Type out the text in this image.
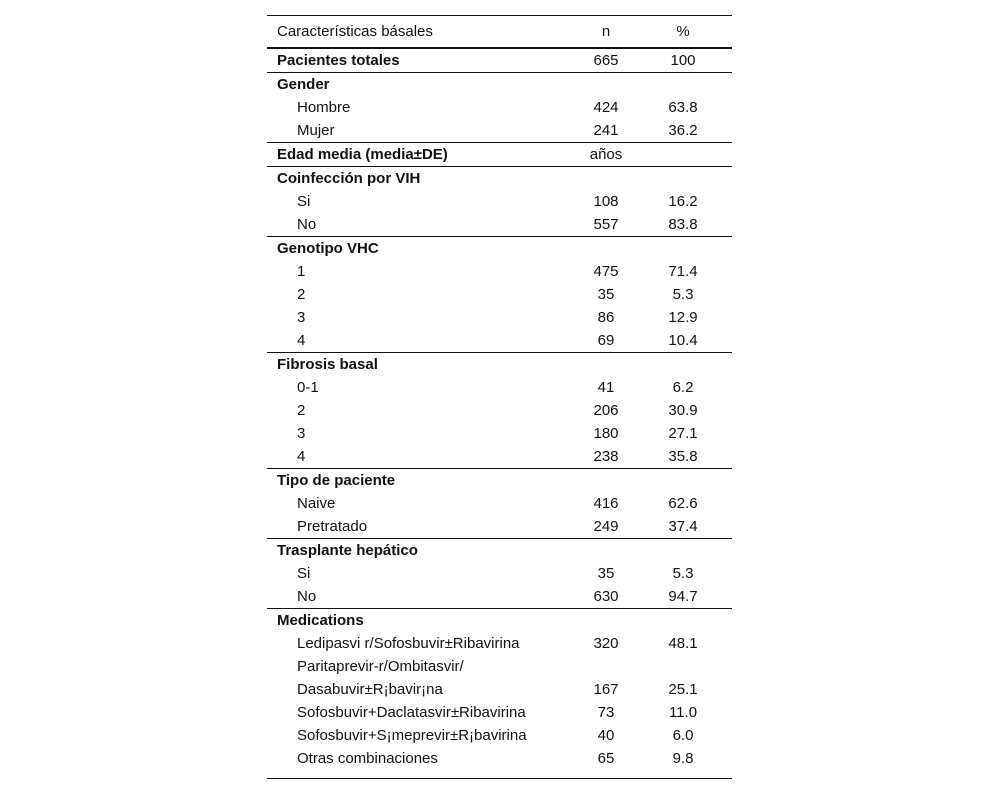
Características básales	n	%
Pacientes totales	665	100
Gender
Hombre	424	63.8
Mujer	241	36.2
Edad media (media±DE)	años
Coinfección por VIH
Si	108	16.2
No	557	83.8
Genotipo VHC
1	475	71.4
2	35	5.3
3	86	12.9
4	69	10.4
Fibrosis basal
0-1	41	6.2
2	206	30.9
3	180	27.1
4	238	35.8
Tipo de paciente
Naive	416	62.6
Pretratado	249	37.4
Trasplante hepático
Si	35	5.3
No	630	94.7
Medications
Ledipasvi r/Sofosbuvir±Ribavirina	320	48.1
Paritaprevir-r/Ombitasvir/
Dasabuvir±R¡bavir¡na	167	25.1
Sofosbuvir+Daclatasvir±Ribavirina	73	11.0
Sofosbuvir+S¡meprevir±R¡bavirina	40	6.0
Otras combinaciones	65	9.8
